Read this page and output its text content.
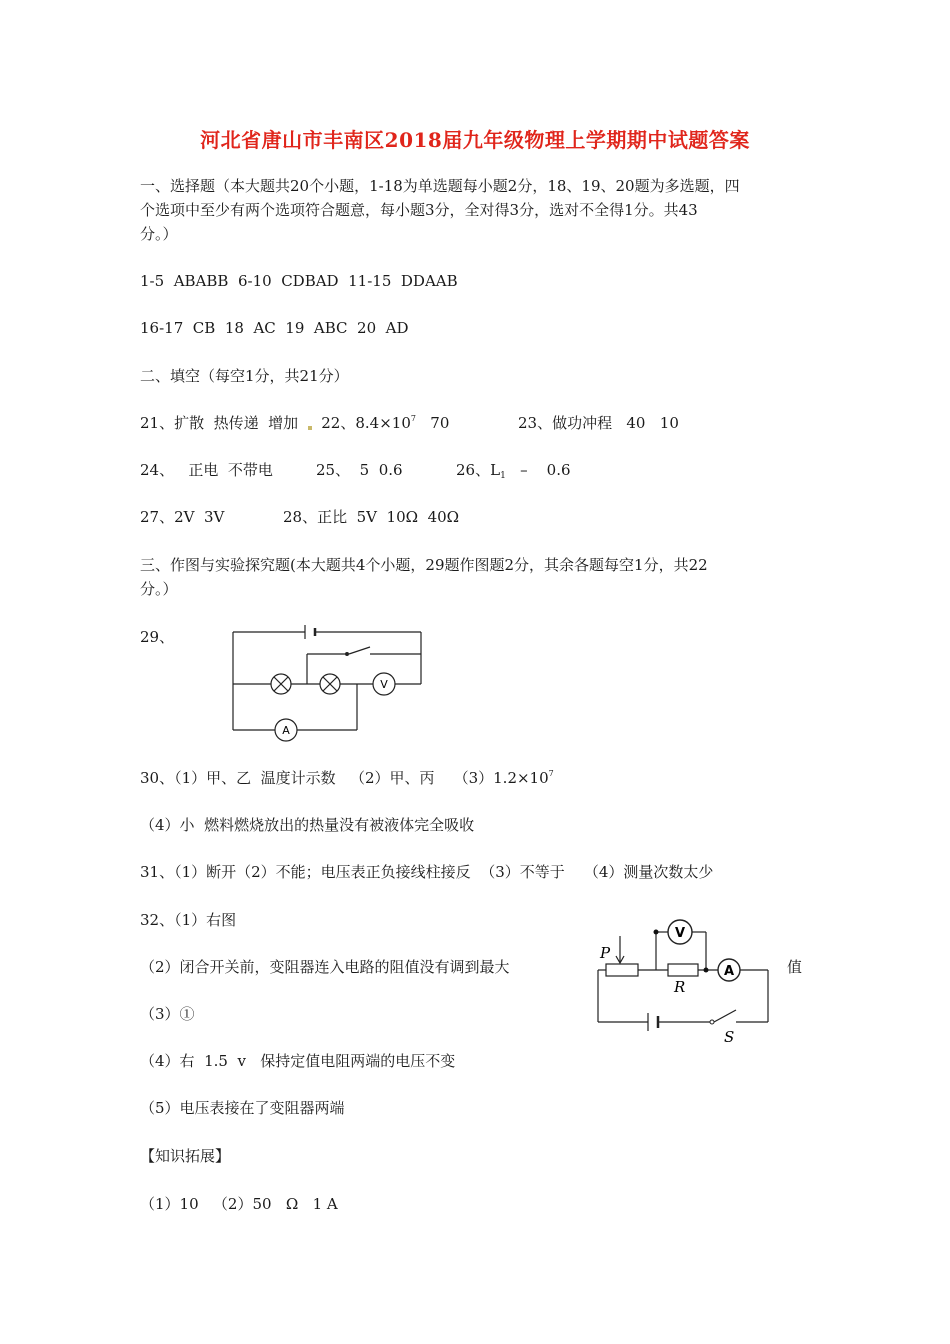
河北省唐山市丰南区2018届九年级物理上学期期中试题答案
一、选择题（本大题共20个小题，1-18为单选题每小题2分，18、19、20题为多选题，四
个选项中至少有两个选项符合题意，每小题3分，全对得3分，选对不全得1分。共43
分。）
1-5  ABABB  6-10  CDBAD  11-15  DDAAB
16-17  CB  18  AC  19  ABC  20  AD
二、填空（每空1分，共21分）
21、扩散  热传递  增加 22、$8.4\times 10^7$   70	23、做功冲程   40   10
24、   正电  不带电	25、  5  0.6	26、$L_1$   –    0.6
27、2V  3V	28、正比  5V  10Ω  40Ω
三、作图与实验探究题(本大题共4个小题，29题作图题2分，其余各题每空1分，共22
分。）
29、
V
A
30、（1）甲、乙  温度计示数   （2）甲、丙    $(3)1.2\times 10^7$
（4）小  燃料燃烧放出的热量没有被液体完全吸收
31、（1）断开（2）不能；电压表正负接线柱接反  （3）不等于    （4）测量次数太少
32、（1）右图
（2）闭合开关前，变阻器连入电路的阻值没有调到最大	值
（3）①
（4）右  1.5  v   保持定值电阻两端的电压不变
（5）电压表接在了变阻器两端
【知识拓展】
（1）10   （2）50   Ω   1 A
V
A
P
R
S
